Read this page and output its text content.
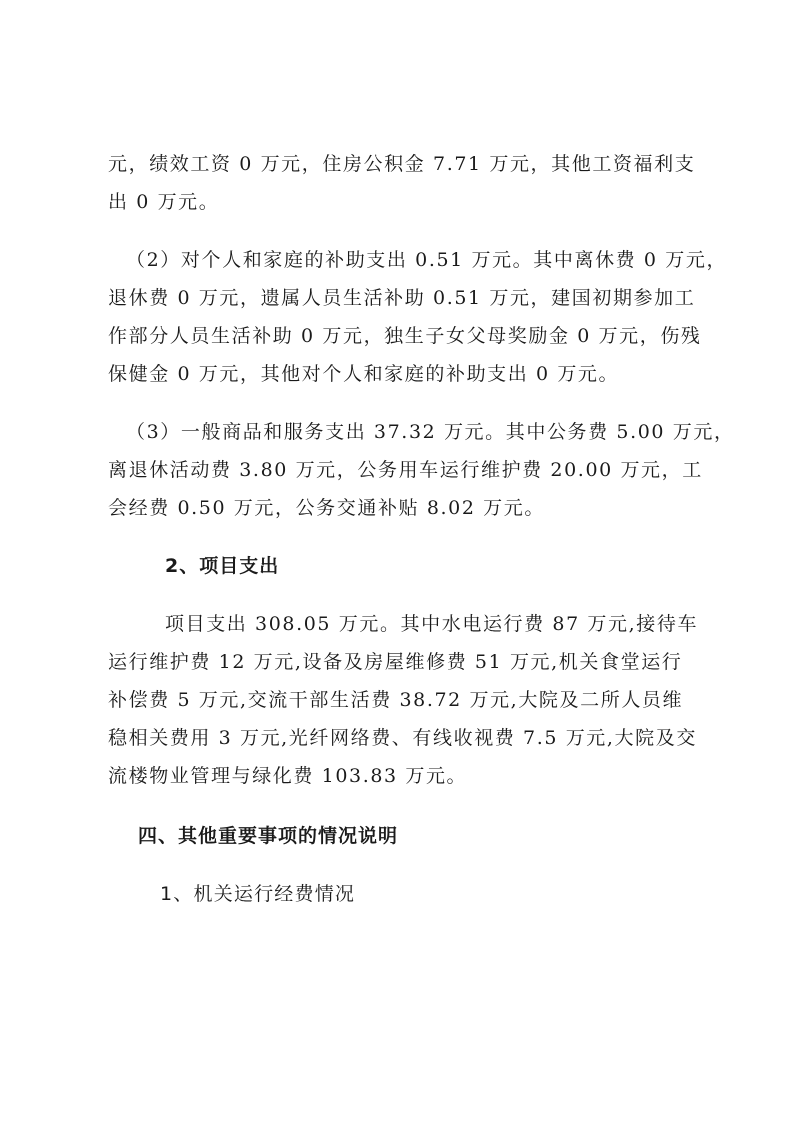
元，绩效工资 0 万元，住房公积金 7.71 万元，其他工资福利支
出 0 万元。
（2）对个人和家庭的补助支出 0.51 万元。其中离休费 0 万元，
退休费 0 万元，遗属人员生活补助 0.51 万元，建国初期参加工
作部分人员生活补助 0 万元，独生子女父母奖励金 0 万元，伤残
保健金 0 万元，其他对个人和家庭的补助支出 0 万元。
（3）一般商品和服务支出 37.32 万元。其中公务费 5.00 万元，
离退休活动费 3.80 万元，公务用车运行维护费 20.00 万元，工
会经费 0.50 万元，公务交通补贴 8.02 万元。
2、项目支出
项目支出 308.05 万元。其中水电运行费 87 万元,接待车
运行维护费 12 万元,设备及房屋维修费 51 万元,机关食堂运行
补偿费 5 万元,交流干部生活费 38.72 万元,大院及二所人员维
稳相关费用 3 万元,光纤网络费、有线收视费 7.5 万元,大院及交
流楼物业管理与绿化费 103.83 万元。
四、其他重要事项的情况说明
1、机关运行经费情况
